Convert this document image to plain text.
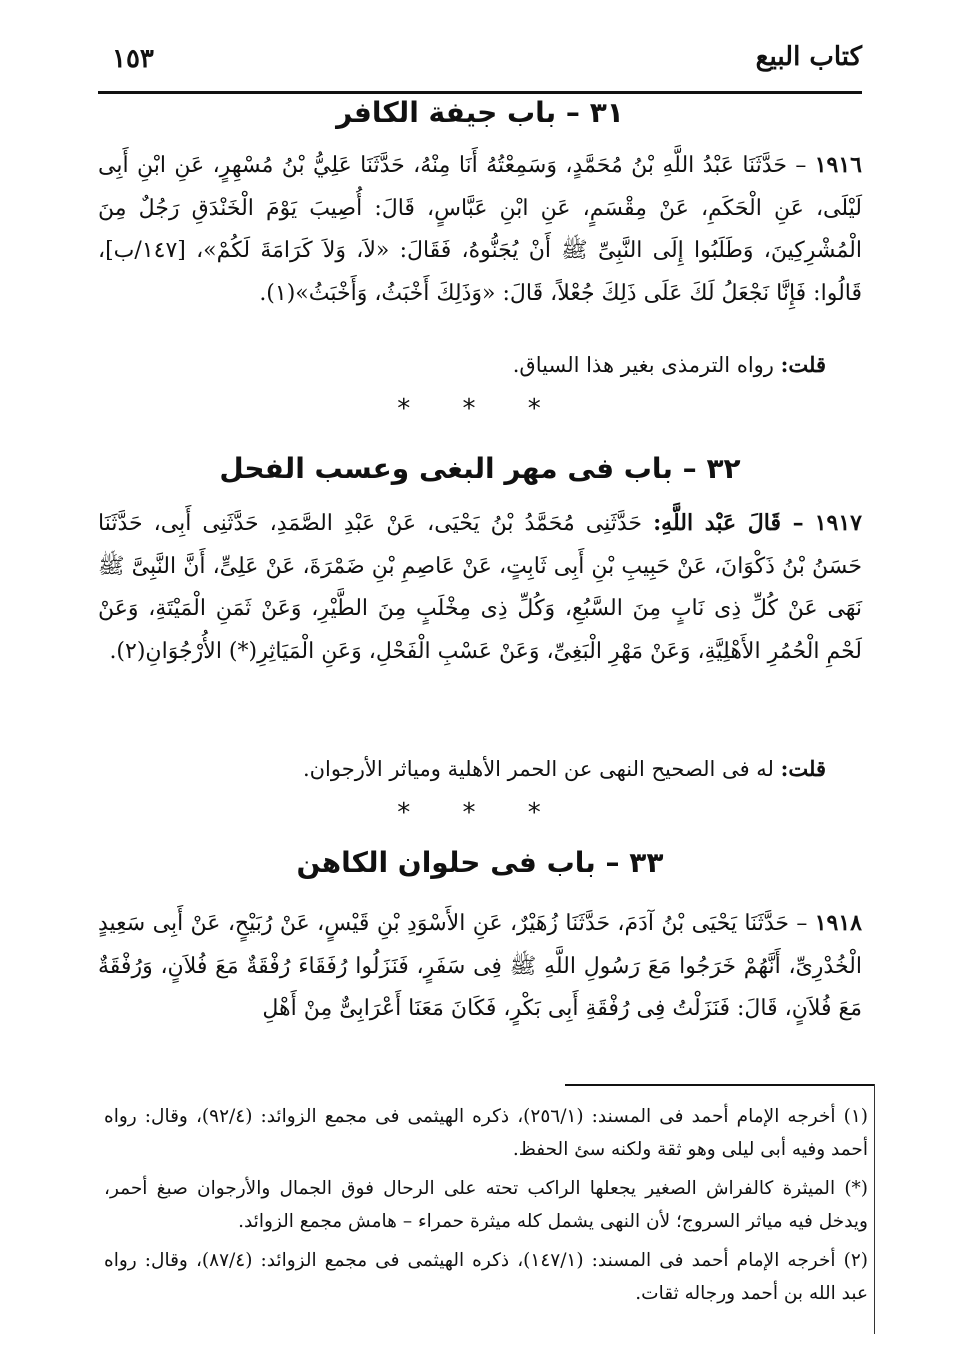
كتاب البيع
١٥٣
٣١ – باب جيفة الكافر
١٩١٦ – حَدَّثَنَا عَبْدُ اللَّهِ بْنُ مُحَمَّدٍ، وَسَمِعْتُهُ أَنَا مِنْهُ، حَدَّثَنَا عَلِيُّ بْنُ مُسْهِرٍ، عَنِ ابْنِ أَبِى لَيْلَى، عَنِ الْحَكَمِ، عَنْ مِقْسَمٍ، عَنِ ابْنِ عَبَّاسٍ، قَالَ: أُصِيبَ يَوْمَ الْخَنْدَقِ رَجُلٌ مِنَ الْمُشْرِكِينَ، وَطَلَبُوا إِلَى النَّبِىِّ ﷺ أَنْ يُجَنُّوهُ، فَقَالَ: «لاَ، وَلاَ كَرَامَةَ لَكُمْ»، [١٤٧/ب]، قَالُوا: فَإِنَّا نَجْعَلُ لَكَ عَلَى ذَلِكَ جُعْلاً، قَالَ: «وَذَلِكَ أَخْبَثُ، وَأَخْبَثُ»(١).
قلت: رواه الترمذى بغير هذا السياق.
* * *
٣٢ – باب فى مهر البغى وعسب الفحل
١٩١٧ – قَالَ عَبْد اللَّهِ: حَدَّثَنِى مُحَمَّدُ بْنُ يَحْيَى، عَنْ عَبْدِ الصَّمَدِ، حَدَّثَنِى أَبِى، حَدَّثَنَا حَسَنُ بْنُ ذَكْوَانَ، عَنْ حَبِيبِ بْنِ أَبِى ثَابِتٍ، عَنْ عَاصِمِ بْنِ ضَمْرَةَ، عَنْ عَلِىٍّ، أَنَّ النَّبِىَّ ﷺ نَهَى عَنْ كُلِّ ذِى نَابٍ مِنَ السَّبُعِ، وَكُلِّ ذِى مِخْلَبٍ مِنَ الطَّيْرِ، وَعَنْ ثَمَنِ الْمَيْتَةِ، وَعَنْ لَحْمِ الْحُمُرِ الأَهْلِيَّةِ، وَعَنْ مَهْرِ الْبَغِىِّ، وَعَنْ عَسْبِ الْفَحْلِ، وَعَنِ الْمَيَاثِرِ(*) الأُرْجُوَانِ(٢).
قلت: له فى الصحيح النهى عن الحمر الأهلية ومياثر الأرجوان.
* * *
٣٣ – باب فى حلوان الكاهن
١٩١٨ – حَدَّثَنَا يَحْيَى بْنُ آدَمَ، حَدَّثَنَا زُهَيْرٌ، عَنِ الأَسْوَدِ بْنِ قَيْسٍ، عَنْ رُبَيْحٍ، عَنْ أَبِى سَعِيدٍ الْخُدْرِىِّ، أَنَّهُمْ خَرَجُوا مَعَ رَسُولِ اللَّهِ ﷺ فِى سَفَرٍ، فَنَزَلُوا رُفَقَاءَ رُفْقَةٌ مَعَ فُلاَنٍ، وَرُفْقَةٌ مَعَ فُلاَنٍ، قَالَ: فَنَزَلْتُ فِى رُفْقَةِ أَبِى بَكْرٍ، فَكَانَ مَعَنَا أَعْرَابِىٌّ مِنْ أَهْلِ
(١) أخرجه الإمام أحمد فى المسند: (٢٥٦/١)، ذكره الهيثمى فى مجمع الزوائد: (٩٢/٤)، وقال: رواه أحمد وفيه أبى ليلى وهو ثقة ولكنه سئ الحفظ.
(*) الميثرة كالفراش الصغير يجعلها الراكب تحته على الرحال فوق الجمال والأرجوان صبغ أحمر، ويدخل فيه مياثر السروج؛ لأن النهى يشمل كله ميثرة حمراء – هامش مجمع الزوائد.
(٢) أخرجه الإمام أحمد فى المسند: (١٤٧/١)، ذكره الهيثمى فى مجمع الزوائد: (٨٧/٤)، وقال: رواه عبد الله بن أحمد ورجاله ثقات.
